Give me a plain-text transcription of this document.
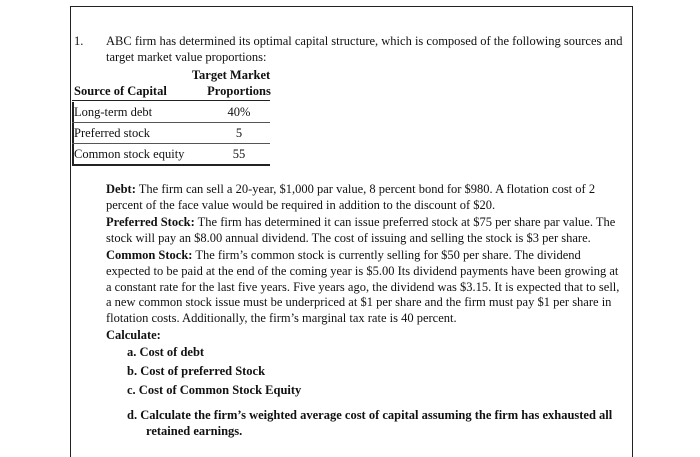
1. ABC firm has determined its optimal capital structure, which is composed of the following sources and target market value proportions:
Target Market
Source of Capital	Proportions
Long-term debt	40%
Preferred stock	5
Common stock equity	55

Debt: The firm can sell a 20-year, $1,000 par value, 8 percent bond for $980. A flotation cost of 2 percent of the face value would be required in addition to the discount of $20.

Preferred Stock: The firm has determined it can issue preferred stock at $75 per share par value. The stock will pay an $8.00 annual dividend. The cost of issuing and selling the stock is $3 per share.

Common Stock: The firm’s common stock is currently selling for $50 per share. The dividend expected to be paid at the end of the coming year is $5.00 Its dividend payments have been growing at a constant rate for the last five years. Five years ago, the dividend was $3.15. It is expected that to sell, a new common stock issue must be underpriced at $1 per share and the firm must pay $1 per share in flotation costs. Additionally, the firm’s marginal tax rate is 40 percent.

Calculate:

a. Cost of debt
b. Cost of preferred Stock
c. Cost of Common Stock Equity
d. Calculate the firm’s weighted average cost of capital assuming the firm has exhausted all
retained earnings.
